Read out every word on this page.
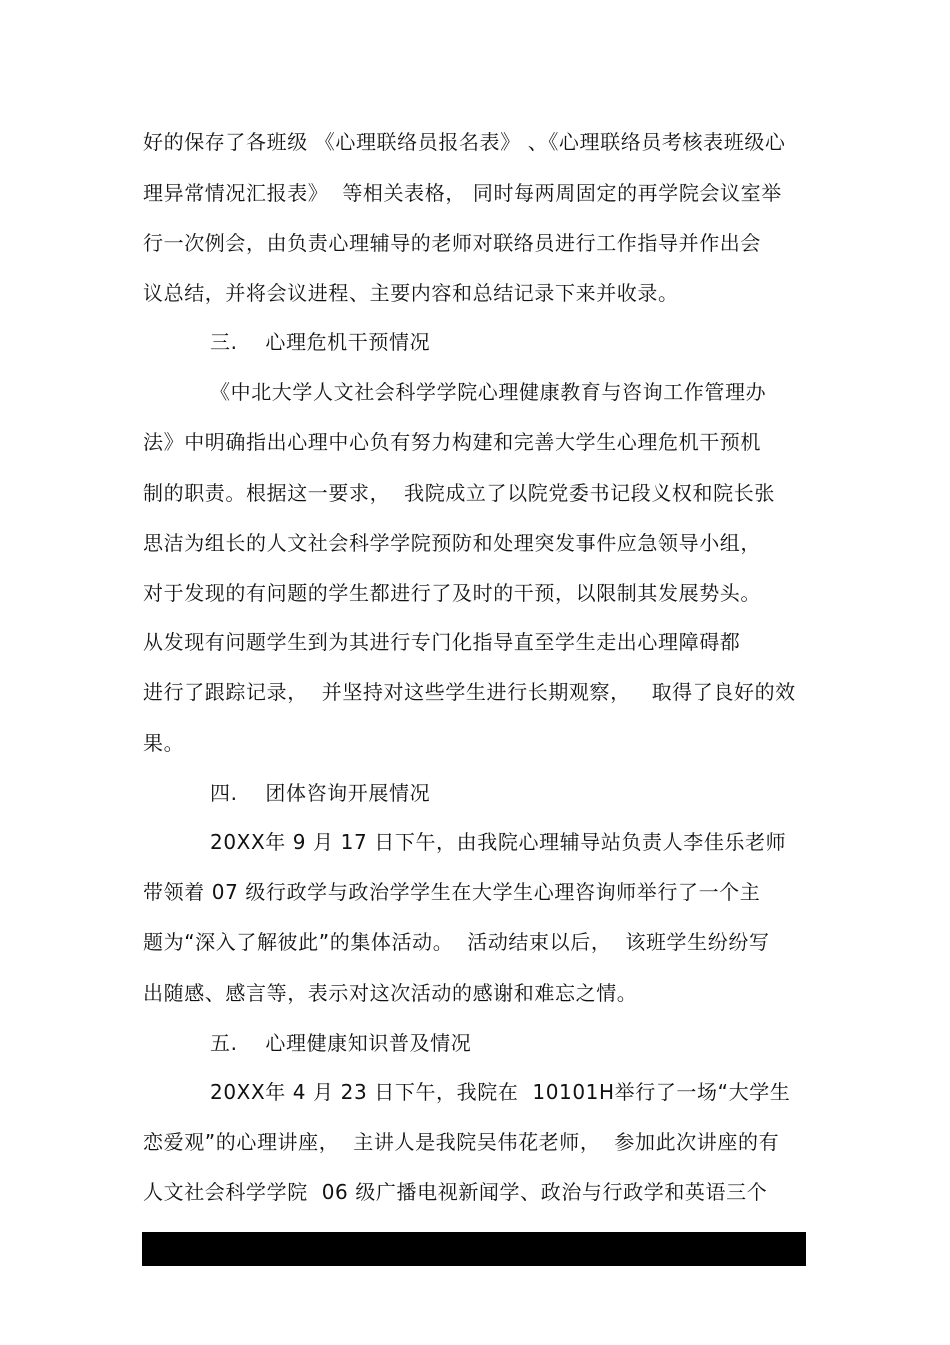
好的保存了各班级 《心理联络员报名表》 、《心理联络员考核表班级心
理异常情况汇报表》  等相关表格， 同时每两周固定的再学院会议室举
行一次例会，由负责心理辅导的老师对联络员进行工作指导并作出会
议总结，并将会议进程、主要内容和总结记录下来并收录。
三.    心理危机干预情况
《中北大学人文社会科学学院心理健康教育与咨询工作管理办
法》中明确指出心理中心负有努力构建和完善大学生心理危机干预机
制的职责。根据这一要求，  我院成立了以院党委书记段义权和院长张
思洁为组长的人文社会科学学院预防和处理突发事件应急领导小组，
对于发现的有问题的学生都进行了及时的干预，以限制其发展势头。
从发现有问题学生到为其进行专门化指导直至学生走出心理障碍都
进行了跟踪记录，  并坚持对这些学生进行长期观察，   取得了良好的效
果。
四.    团体咨询开展情况
20XX年 9 月 17 日下午，由我院心理辅导站负责人李佳乐老师
带领着 07 级行政学与政治学学生在大学生心理咨询师举行了一个主
题为“深入了解彼此”的集体活动。  活动结束以后，  该班学生纷纷写
出随感、感言等，表示对这次活动的感谢和难忘之情。
五.    心理健康知识普及情况
20XX年 4 月 23 日下午，我院在  10101H举行了一场“大学生
恋爱观”的心理讲座，  主讲人是我院吴伟花老师，  参加此次讲座的有
人文社会科学学院  06 级广播电视新闻学、政治与行政学和英语三个
